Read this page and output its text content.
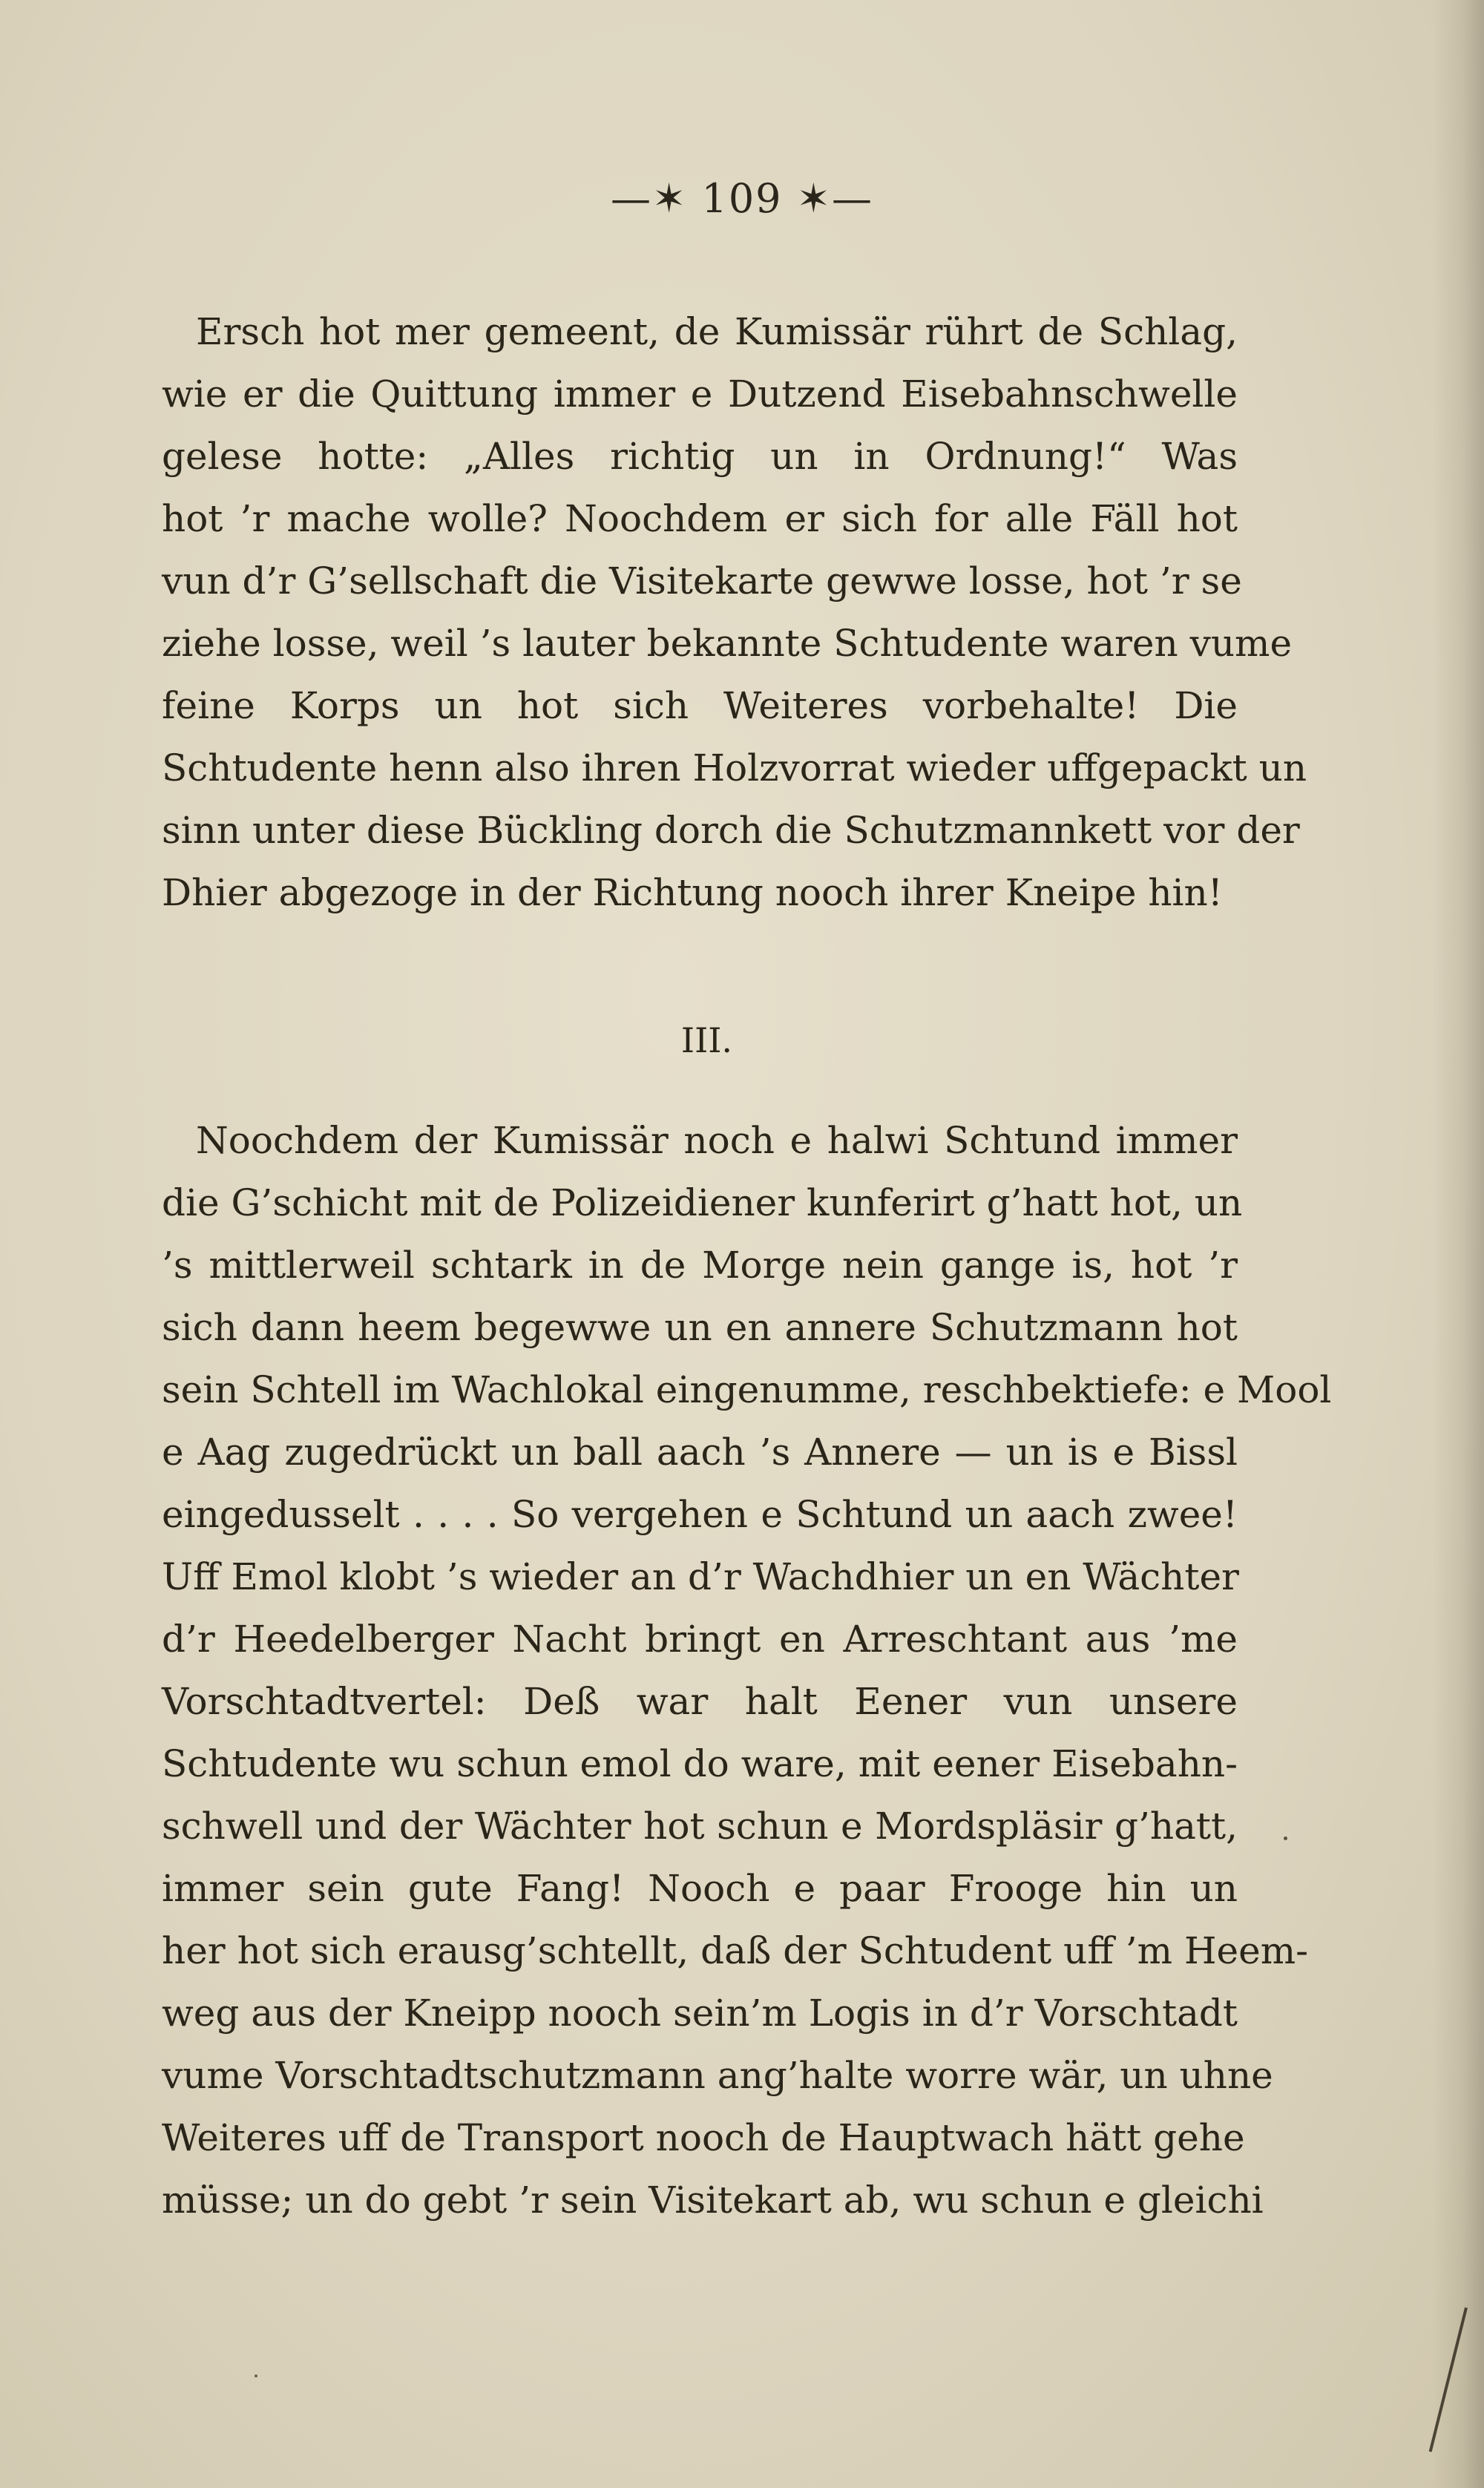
—✶ 109 ✶—
Ersch hot mer gemeent, de Kumissär rührt de Schlag,
wie er die Quittung immer e Dutzend Eisebahnschwelle
gelese hotte: „Alles richtig un in Ordnung!“ Was
hot ’r mache wolle? Noochdem er sich for alle Fäll hot
vun d’r G’sellschaft die Visitekarte gewwe losse, hot ’r se
ziehe losse, weil ’s lauter bekannte Schtudente waren vume
feine Korps un hot sich Weiteres vorbehalte! Die
Schtudente henn also ihren Holzvorrat wieder uffgepackt un
sinn unter diese Bückling dorch die Schutzmannkett vor der
Dhier abgezoge in der Richtung nooch ihrer Kneipe hin!
III.
Noochdem der Kumissär noch e halwi Schtund immer
die G’schicht mit de Polizeidiener kunferirt g’hatt hot, un
’s mittlerweil schtark in de Morge nein gange is, hot ’r
sich dann heem begewwe un en annere Schutzmann hot
sein Schtell im Wachlokal eingenumme, reschbektiefe: e Mool
e Aag zugedrückt un ball aach ’s Annere — un is e Bissl
eingedusselt . . . . So vergehen e Schtund un aach zwee!
Uff Emol klobt ’s wieder an d’r Wachdhier un en Wächter
d’r Heedelberger Nacht bringt en Arreschtant aus ’me
Vorschtadtvertel: Deß war halt Eener vun unsere
Schtudente wu schun emol do ware, mit eener Eisebahn-
schwell und der Wächter hot schun e Mordspläsir g’hatt,
immer sein gute Fang! Nooch e paar Frooge hin un
her hot sich erausg’schtellt, daß der Schtudent uff ’m Heem-
weg aus der Kneipp nooch sein’m Logis in d’r Vorschtadt
vume Vorschtadtschutzmann ang’halte worre wär, un uhne
Weiteres uff de Transport nooch de Hauptwach hätt gehe
müsse; un do gebt ’r sein Visitekart ab, wu schun e gleichi
